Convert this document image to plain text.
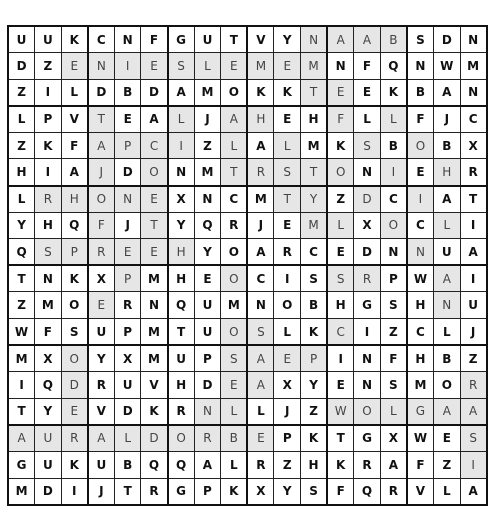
U	U	K	C	N	F	G	U	T	V	Y	N	A	A	B	S	D	N
D	Z	E	N	I	E	S	L	E	M	E	M	N	F	Q	N	W	M
Z	I	L	D	B	D	A	M	O	K	K	T	E	E	K	B	A	N
L	P	V	T	E	A	L	J	A	H	E	H	F	L	L	F	J	C
Z	K	F	A	P	C	I	Z	L	A	L	M	K	S	B	O	B	X
H	I	A	J	D	O	N	M	T	R	S	T	O	N	I	E	H	R
L	R	H	O	N	E	X	N	C	M	T	Y	Z	D	C	I	A	T
Y	H	Q	F	J	T	Y	Q	R	J	E	M	L	X	O	C	L	I
Q	S	P	R	E	E	H	Y	O	A	R	C	E	D	N	N	U	A
T	N	K	X	P	M	H	E	O	C	I	S	S	R	P	W	A	I
Z	M	O	E	R	N	Q	U	M	N	O	B	H	G	S	H	N	U
W	F	S	U	P	M	T	U	O	S	L	K	C	I	Z	C	L	J
M	X	O	Y	X	M	U	P	S	A	E	P	I	N	F	H	B	Z
I	Q	D	R	U	V	H	D	E	A	X	Y	E	N	S	M	O	R
T	Y	E	V	D	K	R	N	L	L	J	Z	W	O	L	G	A	A
A	U	R	A	L	D	O	R	B	E	P	K	T	G	X	W	E	S
G	U	K	U	B	Q	Q	A	L	R	Z	H	K	R	A	F	Z	I
M	D	I	J	T	R	G	P	K	X	Y	S	F	Q	R	V	L	A
